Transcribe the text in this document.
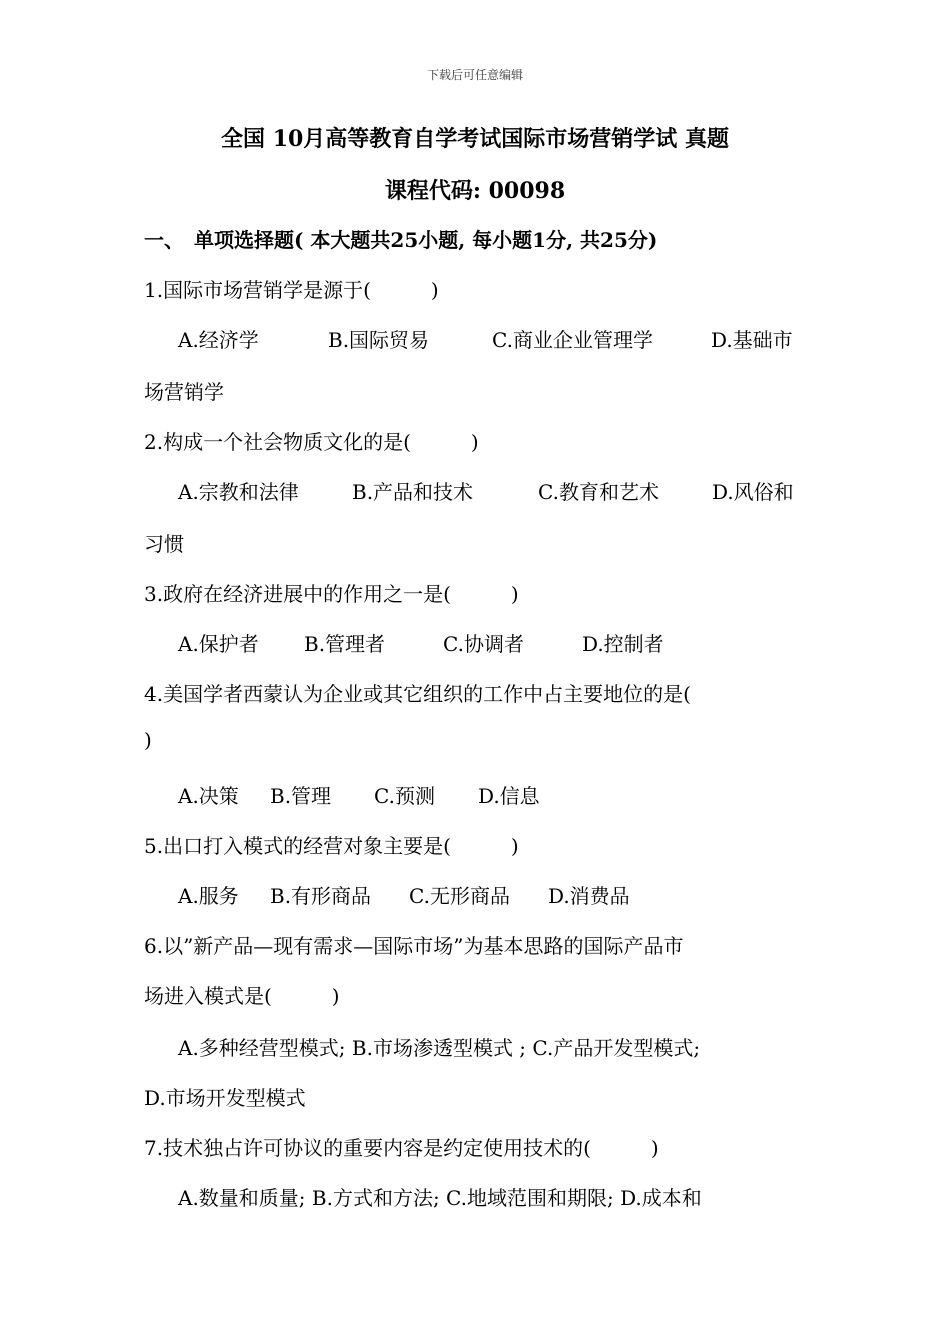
下载后可任意编辑
全国 10月高等教育自学考试国际市场营销学试 真题
课程代码: 00098
一、　单项选择题( 本大题共25小题, 每小题1分, 共25分)
1.国际市场营销学是源于(　　　)
A.经济学	B.国际贸易	C.商业企业管理学	D.基础市
场营销学
2.构成一个社会物质文化的是(　　　)
A.宗教和法律	B.产品和技术	C.教育和艺术	D.风俗和
习惯
3.政府在经济进展中的作用之一是(　　　)
A.保护者 B.管理者	C.协调者	D.控制者
4.美国学者西蒙认为企业或其它组织的工作中占主要地位的是(
)
A.决策 B.管理 C.预测 D.信息
5.出口打入模式的经营对象主要是(　　　)
A.服务 B.有形商品 C.无形商品 D.消费品
6.以”新产品—现有需求—国际市场”为基本思路的国际产品市
场进入模式是(　　　)
A.多种经营型模式; B.市场渗透型模式 ; C.产品开发型模式;
D.市场开发型模式
7.技术独占许可协议的重要内容是约定使用技术的(　　　)
A.数量和质量; B.方式和方法; C.地域范围和期限; D.成本和
